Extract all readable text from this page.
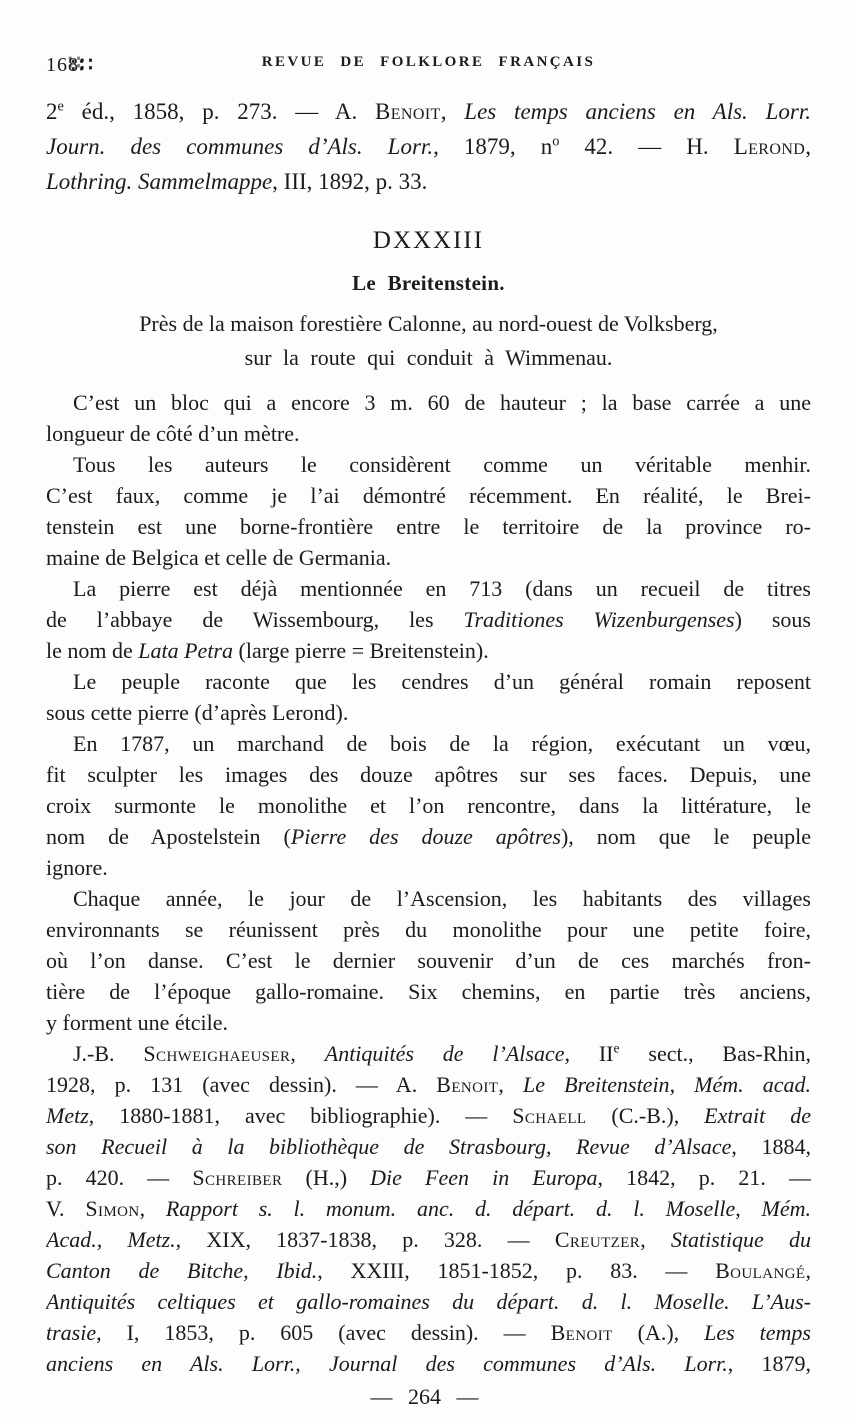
168∷	REVUE DE FOLKLORE FRANÇAIS
2e éd., 1858, p. 273. — A. Benoit, Les temps anciens en Als. Lorr.
Journ. des communes d’Als. Lorr., 1879, $n^o$ 42. — H. Lerond,
Lothring. Sammelmappe, III, 1892, p. 33.
DXXXIII
Le Breitenstein.
Près de la maison forestière Calonne, au nord-ouest de Volksberg,
sur la route qui conduit à Wimmenau.
C’est un bloc qui a encore 3 m. 60 de hauteur ; la base carrée a une
longueur de côté d’un mètre.
Tous les auteurs le considèrent comme un véritable menhir.
C’est faux, comme je l’ai démontré récemment. En réalité, le Brei-
tenstein est une borne-frontière entre le territoire de la province ro-
maine de Belgica et celle de Germania.
La pierre est déjà mentionnée en 713 (dans un recueil de titres
de l’abbaye de Wissembourg, les Traditiones Wizenburgenses) sous
le nom de Lata Petra (large pierre = Breitenstein).
Le peuple raconte que les cendres d’un général romain reposent
sous cette pierre (d’après Lerond).
En 1787, un marchand de bois de la région, exécutant un vœu,
fit sculpter les images des douze apôtres sur ses faces. Depuis, une
croix surmonte le monolithe et l’on rencontre, dans la littérature, le
nom de Apostelstein (Pierre des douze apôtres), nom que le peuple
ignore.
Chaque année, le jour de l’Ascension, les habitants des villages
environnants se réunissent près du monolithe pour une petite foire,
où l’on danse. C’est le dernier souvenir d’un de ces marchés fron-
tière de l’époque gallo-romaine. Six chemins, en partie très anciens,
y forment une étcile.
J.-B. Schweighaeuser, Antiquités de l’Alsace, IIe sect., Bas-Rhin,
1928, p. 131 (avec dessin). — A. Benoit, Le Breitenstein, Mém. acad.
Metz, 1880-1881, avec bibliographie). — Schaell (C.-B.), Extrait de
son Recueil à la bibliothèque de Strasbourg, Revue d’Alsace, 1884,
p. 420. — Schreiber (H.,) Die Feen in Europa, 1842, p. 21. —
V. Simon, Rapport s. l. monum. anc. d. départ. d. l. Moselle, Mém.
Acad., Metz., XIX, 1837-1838, p. 328. — Creutzer, Statistique du
Canton de Bitche, Ibid., XXIII, 1851-1852, p. 83. — Boulangé,
Antiquités celtiques et gallo-romaines du départ. d. l. Moselle. L’Aus-
trasie, I, 1853, p. 605 (avec dessin). — Benoit (A.), Les temps
anciens en Als. Lorr., Journal des communes d’Als. Lorr., 1879,
— 264 —
